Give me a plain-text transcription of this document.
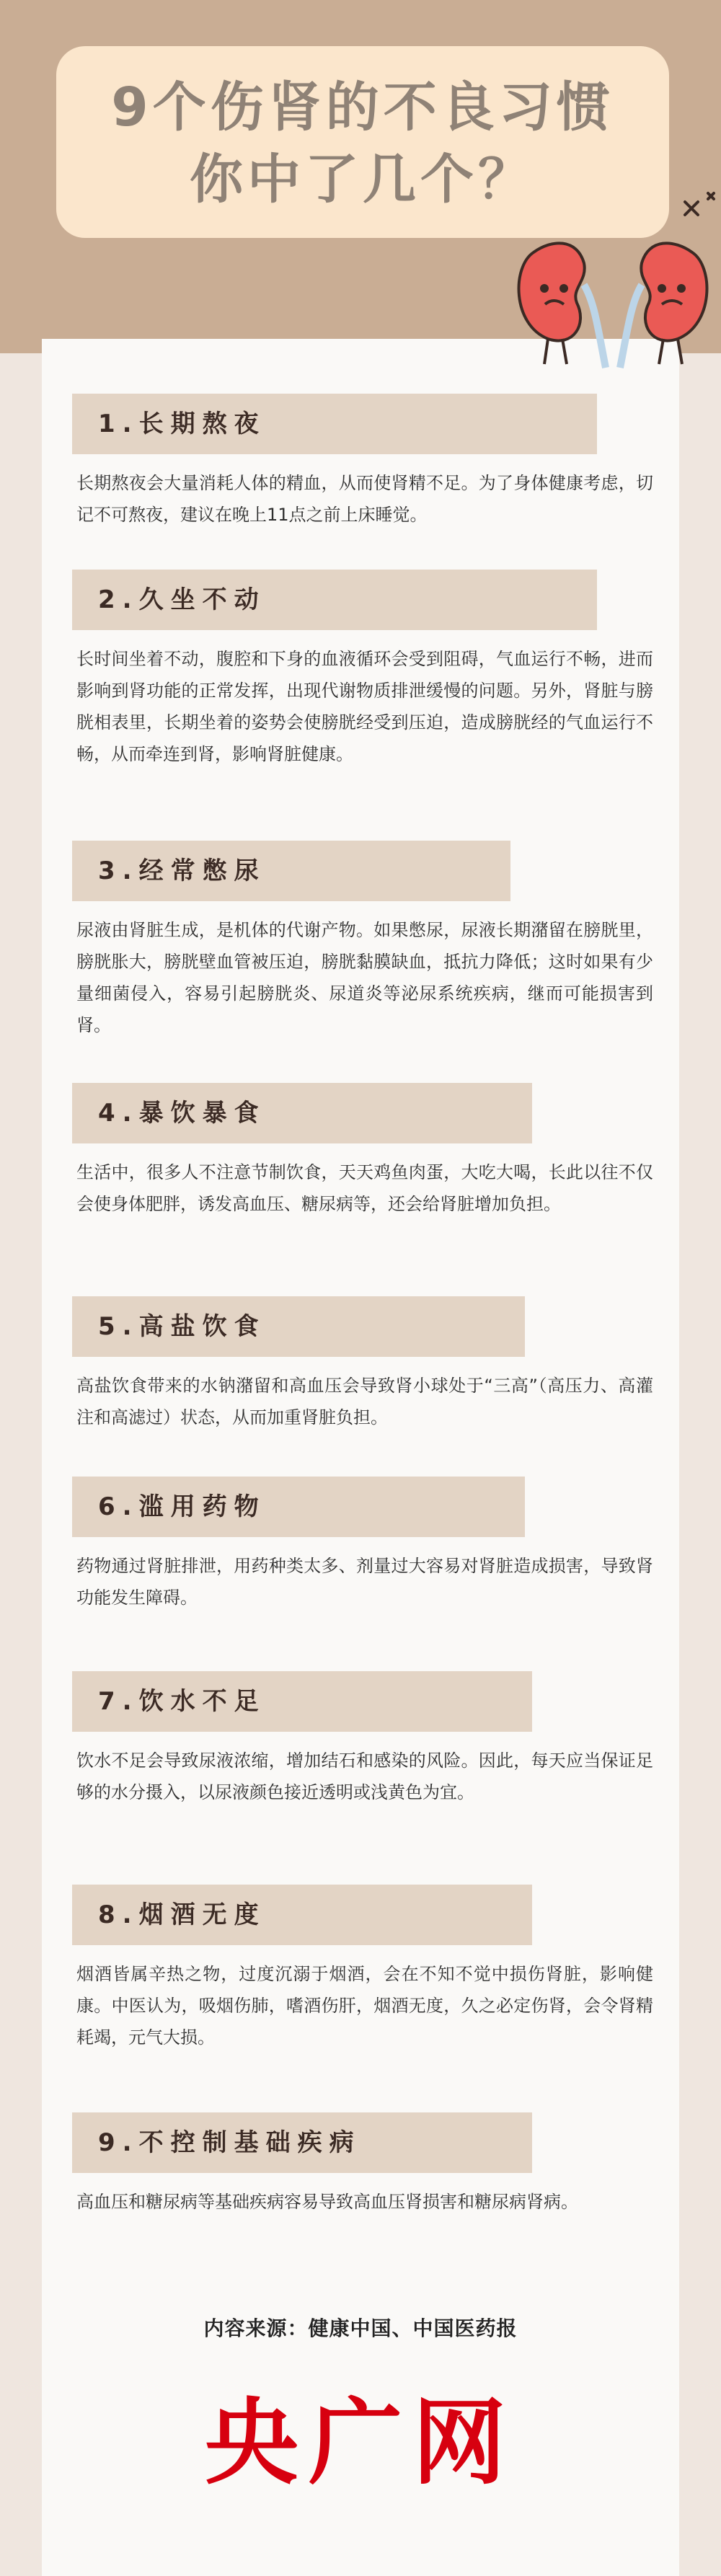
9个伤肾的不良习惯
你中了几个？
1.长期熬夜
长期熬夜会大量消耗人体的精血，从而使肾精不足。为了身体健康考虑，切记不可熬夜，建议在晚上11点之前上床睡觉。
2.久坐不动
长时间坐着不动，腹腔和下身的血液循环会受到阻碍，气血运行不畅，进而影响到肾功能的正常发挥，出现代谢物质排泄缓慢的问题。另外，肾脏与膀胱相表里，长期坐着的姿势会使膀胱经受到压迫，造成膀胱经的气血运行不畅，从而牵连到肾，影响肾脏健康。
3.经常憋尿
尿液由肾脏生成，是机体的代谢产物。如果憋尿，尿液长期潴留在膀胱里，膀胱胀大，膀胱壁血管被压迫，膀胱黏膜缺血，抵抗力降低；这时如果有少量细菌侵入，容易引起膀胱炎、尿道炎等泌尿系统疾病，继而可能损害到肾。
4.暴饮暴食
生活中，很多人不注意节制饮食，天天鸡鱼肉蛋，大吃大喝，长此以往不仅会使身体肥胖，诱发高血压、糖尿病等，还会给肾脏增加负担。
5.高盐饮食
高盐饮食带来的水钠潴留和高血压会导致肾小球处于“三高”（高压力、高灌注和高滤过）状态，从而加重肾脏负担。
6.滥用药物
药物通过肾脏排泄，用药种类太多、剂量过大容易对肾脏造成损害，导致肾功能发生障碍。
7.饮水不足
饮水不足会导致尿液浓缩，增加结石和感染的风险。因此，每天应当保证足够的水分摄入，以尿液颜色接近透明或浅黄色为宜。
8.烟酒无度
烟酒皆属辛热之物，过度沉溺于烟酒，会在不知不觉中损伤肾脏，影响健康。中医认为，吸烟伤肺，嗜酒伤肝，烟酒无度，久之必定伤肾，会令肾精耗竭，元气大损。
9.不控制基础疾病
高血压和糖尿病等基础疾病容易导致高血压肾损害和糖尿病肾病。
内容来源：健康中国、中国医药报
央广网
